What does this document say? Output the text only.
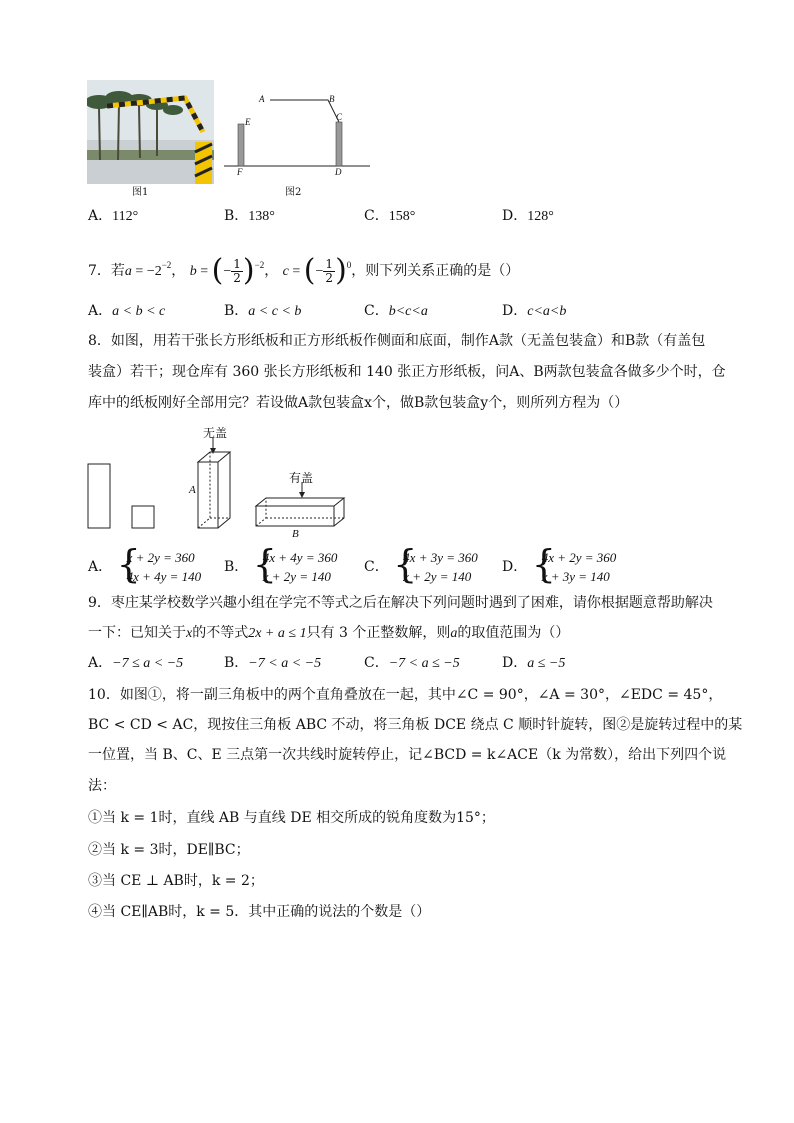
图1
A	B
C
E
F	D
图2
A．112°	B．138°	C．158°	D．128°
7．若$a = -2^{-2}$， b = (− $\frac{1}{2} )^{-2}$， c = (− $\frac{1}{2} )^0$，则下列关系正确的是（）
A．a < b < c	B．a < c < b	C．b<c<a	D．c<a<b
8．如图，用若干张长方形纸板和正方形纸板作侧面和底面，制作A款（无盖包装盒）和B款（有盖包
装盒）若干；现仓库有 360 张长方形纸板和 140 张正方形纸板，问A、B两款包装盒各做多少个时，仓
库中的纸板刚好全部用完？若设做A款包装盒x个，做B款包装盒y个，则所列方程为（）
无盖
有盖
A
B
A． {
x + 2y = 360
4x + 4y = 140
B． {
4x + 4y = 360
x + 2y = 140
C． {
4x + 3y = 360
x + 2y = 140
D． {
4x + 2y = 360
x + 3y = 140
9．枣庄某学校数学兴趣小组在学完不等式之后在解决下列问题时遇到了困难，请你根据题意帮助解决
一下：已知关于x的不等式2x + a ≤ 1只有 3 个正整数解，则a的取值范围为（）
A．−7 ≤ a < −5	B．−7 < a < −5	C．−7 < a ≤ −5	D．a ≤ −5
10．如图①，将一副三角板中的两个直角叠放在一起，其中∠C = 90°，∠A = 30°，∠EDC = 45°，
BC < CD < AC，现按住三角板 ABC 不动，将三角板 DCE 绕点 C 顺时针旋转，图②是旋转过程中的某
一位置，当 B、C、E 三点第一次共线时旋转停止，记∠BCD = k∠ACE（k 为常数），给出下列四个说
法：
①当 k = 1时，直线 AB 与直线 DE 相交所成的锐角度数为15°；
②当 k = 3时，DE∥BC；
③当 CE ⊥ AB时，k = 2；
④当 CE∥AB时，k = 5．其中正确的说法的个数是（）
